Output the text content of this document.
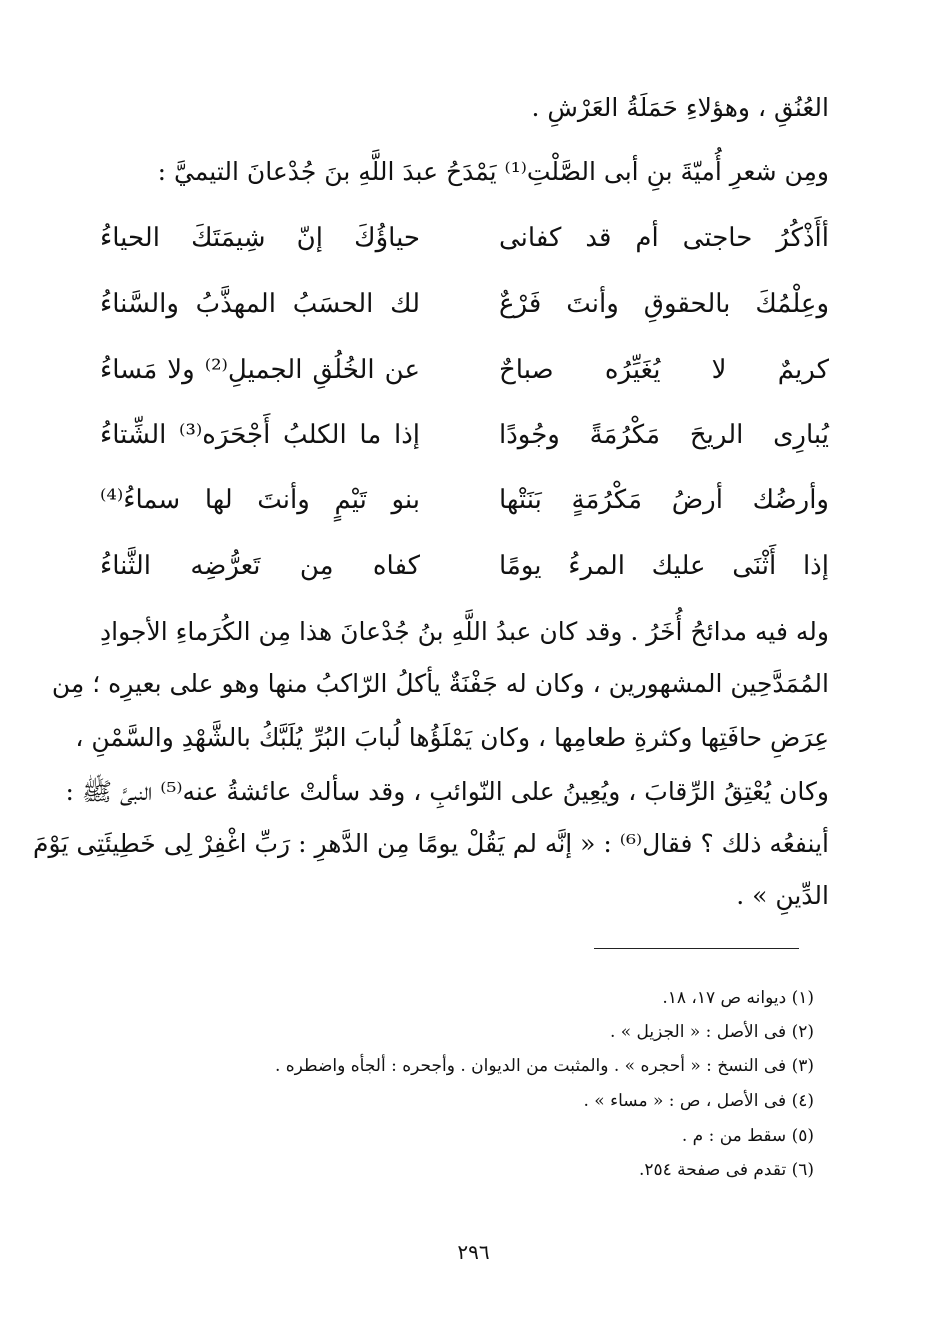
العُنُقِ ، وهؤلاءِ حَمَلَةُ العَرْشِ .
ومِن شعرِ أُميّةَ بنِ أبى الصَّلْتِ⁽¹⁾ يَمْدَحُ عبدَ اللَّهِ بنَ جُدْعانَ التيميَّ :
أأَذْكُرُ حاجتى أم قد كفانى
حياؤُكَ إنّ شِيمَتَكَ الحياءُ
وعِلْمُكَ بالحقوقِ وأنتَ فَرْعٌ
لك الحسَبُ المهذَّبُ والسَّناءُ
كريمٌ لا يُغَيِّرُه صباحٌ
عن الخُلُقِ الجميلِ⁽²⁾ ولا مَساءُ
يُبارِى الريحَ مَكْرُمَةً وجُودًا
إذا ما الكلبُ أَجْحَرَه⁽³⁾ الشِّتاءُ
وأرضُك أرضُ مَكْرُمَةٍ بَنَتْها
بنو تَيْمٍ وأنتَ لها سماءُ⁽⁴⁾
إذا أَثْنَى عليك المرءُ يومًا
كفاه مِن تَعرُّضِه الثَّناءُ
وله فيه مدائحُ أُخَرُ . وقد كان عبدُ اللَّهِ بنُ جُدْعانَ هذا مِن الكُرَماءِ الأجوادِ
المُمَدَّحِين المشهورين ، وكان له جَفْنَةٌ يأكلُ الرّاكبُ منها وهو على بعيرِه ؛ مِن
عِرَضِ حافَتِها وكثرةِ طعامِها ، وكان يَمْلَؤُها لُبابَ البُرِّ يُلَبَّكُ بالشَّهْدِ والسَّمْنِ ،
وكان يُعْتِقُ الرِّقابَ ، ويُعِينُ على النّوائبِ ، وقد سألتْ عائشةُ عنه⁽⁵⁾ النبىَّ ﷺ :
أينفعُه ذلك ؟ فقال⁽⁶⁾ : « إنَّه لم يَقُلْ يومًا مِن الدَّهرِ : رَبِّ اغْفِرْ لِى خَطِيئَتِى يَوْمَ
الدِّينِ » .
(١) ديوانه ص ١٧، ١٨.
(٢) فى الأصل : « الجزيل » .
(٣) فى النسخ : « أحجره » . والمثبت من الديوان . وأجحره : ألجأه واضطره .
(٤) فى الأصل ، ص : « مساء » .
(٥) سقط من : م .
(٦) تقدم فى صفحة ٢٥٤.
٢٩٦
